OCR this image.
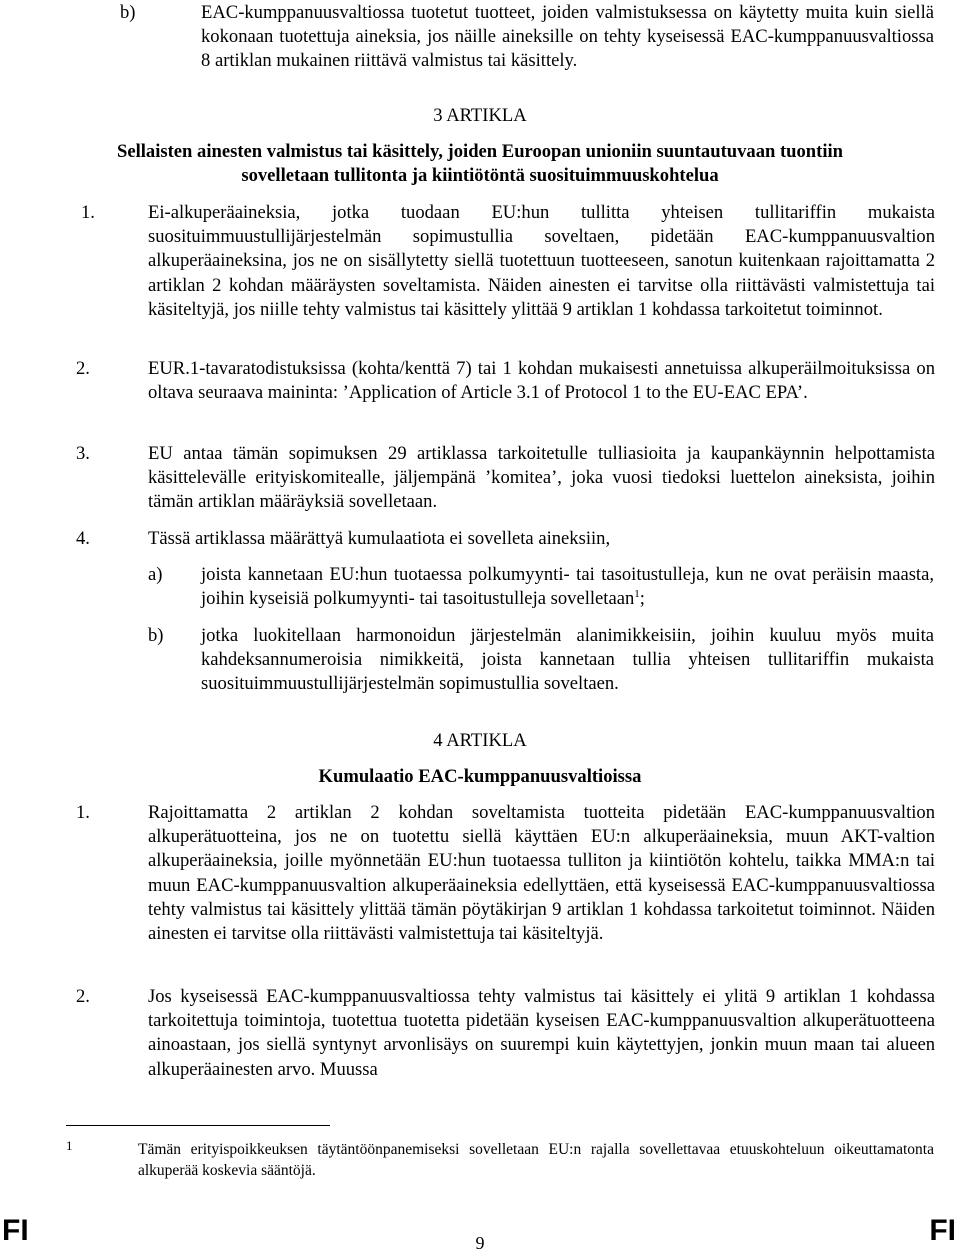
b)	EAC-kumppanuusvaltiossa tuotetut tuotteet, joiden valmistuksessa on käytetty muita kuin siellä kokonaan tuotettuja aineksia, jos näille aineksille on tehty kyseisessä EAC-kumppanuusvaltiossa 8 artiklan mukainen riittävä valmistus tai käsittely.
3 ARTIKLA
Sellaisten ainesten valmistus tai käsittely, joiden Euroopan unioniin suuntautuvaan tuontiin sovelletaan tullitonta ja kiintiötöntä suosituimmuuskohtelua
1.	Ei-alkuperäaineksia, jotka tuodaan EU:hun tullitta yhteisen tullitariffin mukaista suosituimmuustullijärjestelmän sopimustullia soveltaen, pidetään EAC-kumppanuusvaltion alkuperäaineksina, jos ne on sisällytetty siellä tuotettuun tuotteeseen, sanotun kuitenkaan rajoittamatta 2 artiklan 2 kohdan määräysten soveltamista. Näiden ainesten ei tarvitse olla riittävästi valmistettuja tai käsiteltyjä, jos niille tehty valmistus tai käsittely ylittää 9 artiklan 1 kohdassa tarkoitetut toiminnot.
2.	EUR.1-tavaratodistuksissa (kohta/kenttä 7) tai 1 kohdan mukaisesti annetuissa alkuperäilmoituksissa on oltava seuraava maininta: ’Application of Article 3.1 of Protocol 1 to the EU-EAC EPA’.
3.	EU antaa tämän sopimuksen 29 artiklassa tarkoitetulle tulliasioita ja kaupankäynnin helpottamista käsittelevälle erityiskomitealle, jäljempänä ’komitea’, joka vuosi tiedoksi luettelon aineksista, joihin tämän artiklan määräyksiä sovelletaan.
4.	Tässä artiklassa määrättyä kumulaatiota ei sovelleta aineksiin,
a) joista kannetaan EU:hun tuotaessa polkumyynti- tai tasoitustulleja, kun ne ovat peräisin maasta, joihin kyseisiä polkumyynti- tai tasoitustulleja sovelletaan$^1$;
b) jotka luokitellaan harmonoidun järjestelmän alanimikkeisiin, joihin kuuluu myös muita kahdeksannumeroisia nimikkeitä, joista kannetaan tullia yhteisen tullitariffin mukaista suosituimmuustullijärjestelmän sopimustullia soveltaen.
4 ARTIKLA
Kumulaatio EAC-kumppanuusvaltioissa
1.	Rajoittamatta 2 artiklan 2 kohdan soveltamista tuotteita pidetään EAC-kumppanuusvaltion alkuperätuotteina, jos ne on tuotettu siellä käyttäen EU:n alkuperäaineksia, muun AKT-valtion alkuperäaineksia, joille myönnetään EU:hun tuotaessa tulliton ja kiintiötön kohtelu, taikka MMA:n tai muun EAC-kumppanuusvaltion alkuperäaineksia edellyttäen, että kyseisessä EAC-kumppanuusvaltiossa tehty valmistus tai käsittely ylittää tämän pöytäkirjan 9 artiklan 1 kohdassa tarkoitetut toiminnot. Näiden ainesten ei tarvitse olla riittävästi valmistettuja tai käsiteltyjä.
2.	Jos kyseisessä EAC-kumppanuusvaltiossa tehty valmistus tai käsittely ei ylitä 9 artiklan 1 kohdassa tarkoitettuja toimintoja, tuotettua tuotetta pidetään kyseisen EAC-kumppanuusvaltion alkuperätuotteena ainoastaan, jos siellä syntynyt arvonlisäys on suurempi kuin käytettyjen, jonkin muun maan tai alueen alkuperäainesten arvo. Muussa
1	Tämän erityispoikkeuksen täytäntöönpanemiseksi sovelletaan EU:n rajalla sovellettavaa etuuskohteluun oikeuttamatonta alkuperää koskevia sääntöjä.
FI	9	FI
